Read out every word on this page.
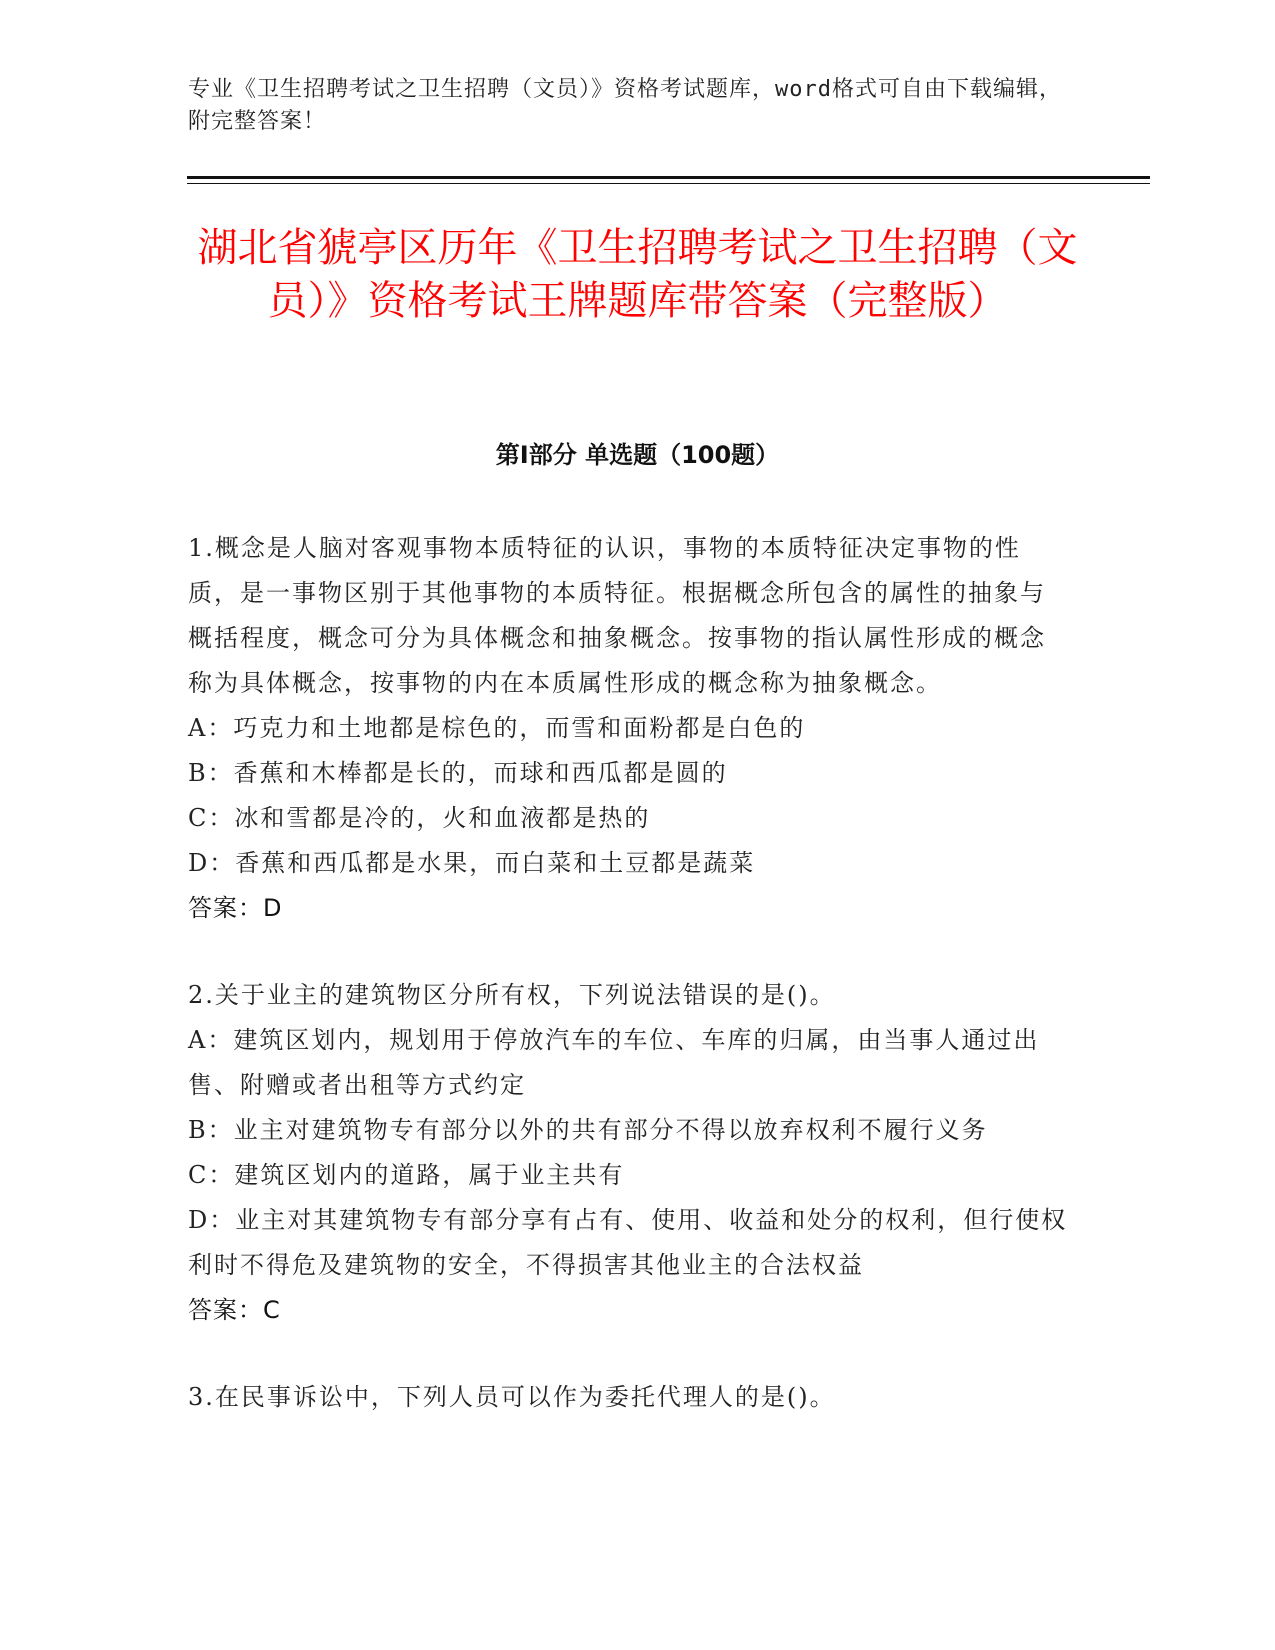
专业《卫生招聘考试之卫生招聘（文员）》资格考试题库，word格式可自由下载编辑，附完整答案！
湖北省猇亭区历年《卫生招聘考试之卫生招聘（文员）》资格考试王牌题库带答案（完整版）
第I部分 单选题（100题）

1.概念是人脑对客观事物本质特征的认识，事物的本质特征决定事物的性质，是一事物区别于其他事物的本质特征。根据概念所包含的属性的抽象与概括程度，概念可分为具体概念和抽象概念。按事物的指认属性形成的概念称为具体概念，按事物的内在本质属性形成的概念称为抽象概念。

A：巧克力和土地都是棕色的，而雪和面粉都是白色的

B：香蕉和木棒都是长的，而球和西瓜都是圆的

C：冰和雪都是冷的，火和血液都是热的

D：香蕉和西瓜都是水果，而白菜和土豆都是蔬菜

答案：D

2.关于业主的建筑物区分所有权，下列说法错误的是()。

A：建筑区划内，规划用于停放汽车的车位、车库的归属，由当事人通过出售、附赠或者出租等方式约定

B：业主对建筑物专有部分以外的共有部分不得以放弃权利不履行义务

C：建筑区划内的道路，属于业主共有

D：业主对其建筑物专有部分享有占有、使用、收益和处分的权利，但行使权利时不得危及建筑物的安全，不得损害其他业主的合法权益

答案：C

3.在民事诉讼中，下列人员可以作为委托代理人的是()。
